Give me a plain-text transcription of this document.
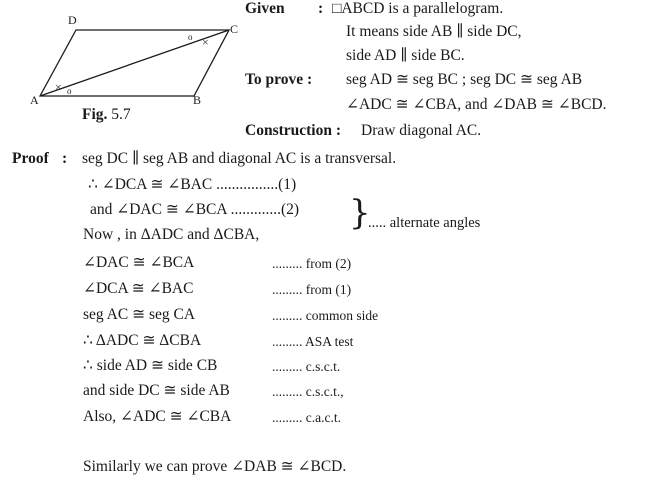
× o
o ×
A	B
C
D
Fig. 5.7
Given : □ABCD is a parallelogram.
It means side AB ∥ side DC,
side AD ∥ side BC.
To prove : seg AD ≅ seg BC ; seg DC ≅ seg AB
∠ADC ≅ ∠CBA, and ∠DAB ≅ ∠BCD.
Construction : Draw diagonal AC.
Proof : seg DC ∥ seg AB and diagonal AC is a transversal.
∴ ∠DCA ≅ ∠BAC ................(1)
and ∠DAC ≅ ∠BCA .............(2)
Now , in ΔADC and ΔCBA,
}
..... alternate angles
∠DAC ≅ ∠BCA	......... from (2)
∠DCA ≅ ∠BAC	......... from (1)
seg AC ≅ seg CA	......... common side
∴ ΔADC ≅ ΔCBA	......... ASA test
∴ side AD ≅ side CB	......... c.s.c.t.
and side DC ≅ side AB	......... c.s.c.t.,
Also, ∠ADC ≅ ∠CBA	......... c.a.c.t.
Similarly we can prove ∠DAB ≅ ∠BCD.
